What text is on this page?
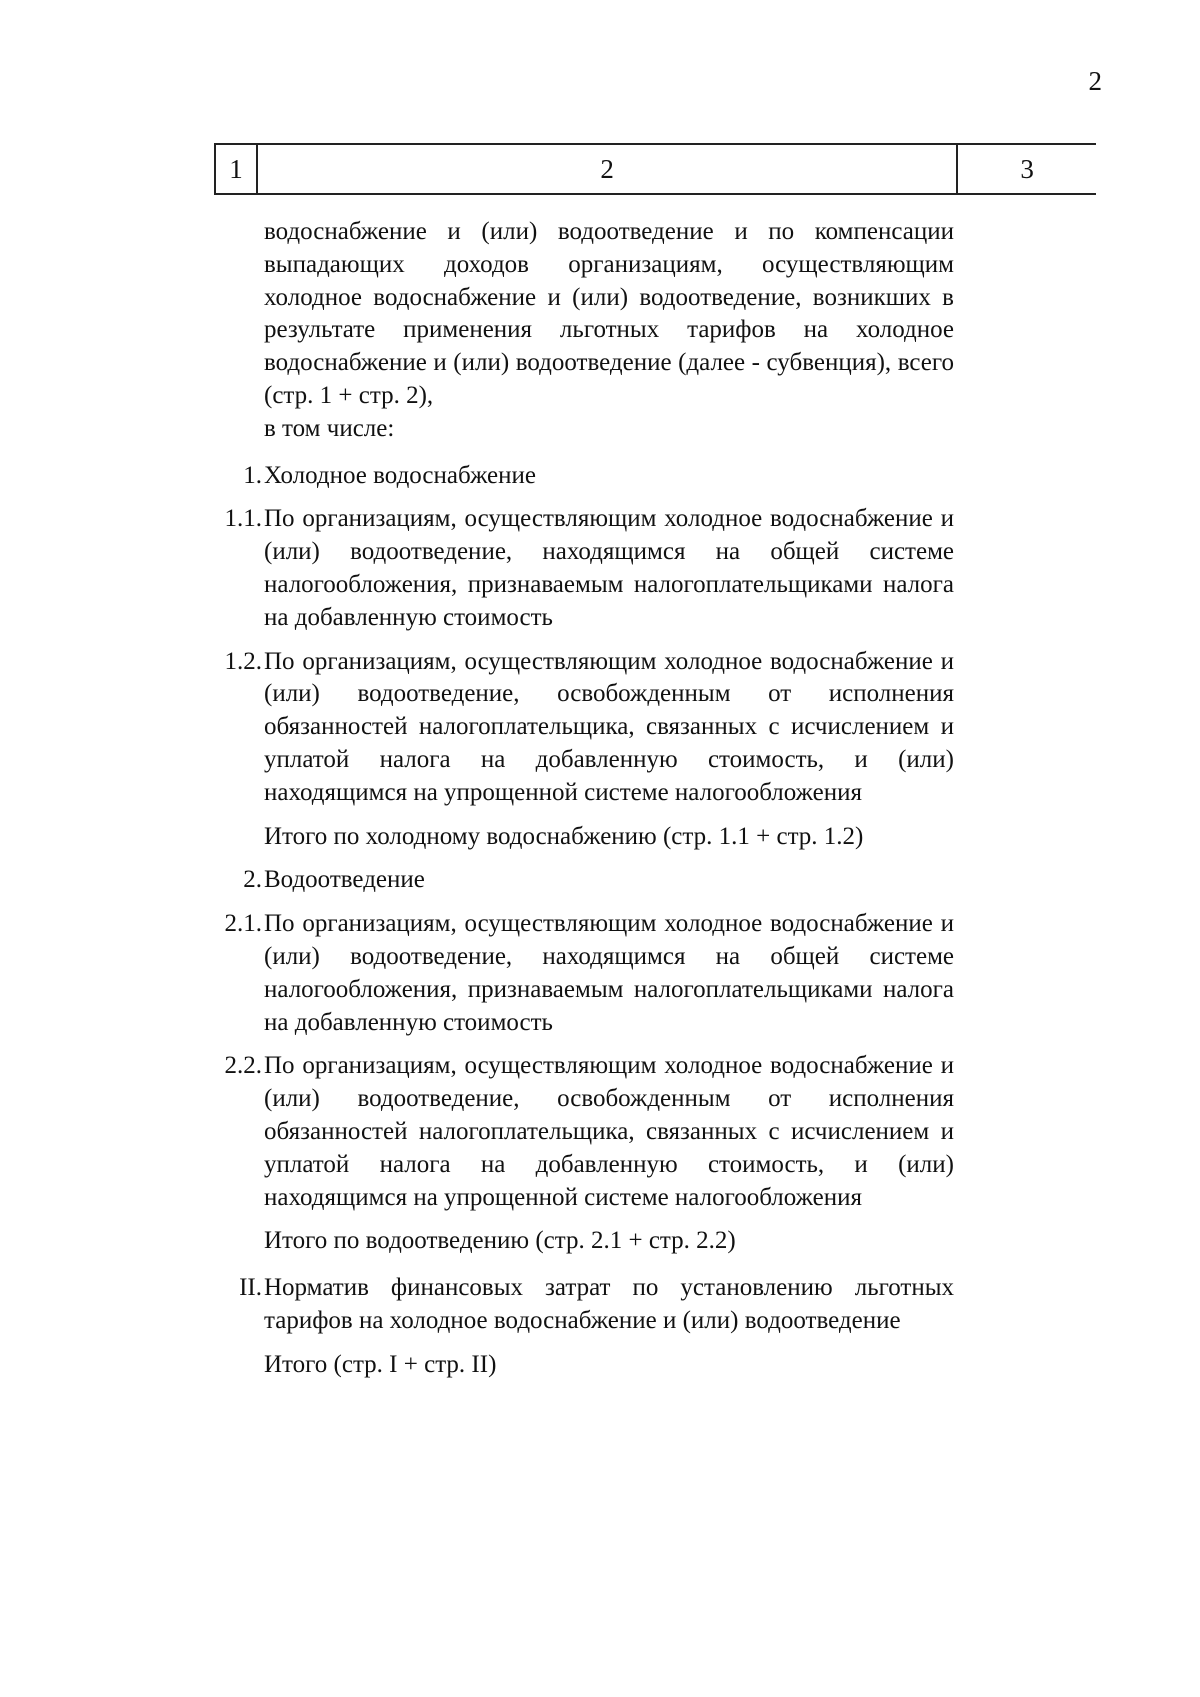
2
1	2	3
водоснабжение и (или) водоотведение и по компенсации выпадающих доходов организациям, осуществляющим холодное водоснабжение и (или) водоотведение, возникших в результате применения льготных тарифов на холодное водоснабжение и (или) водоотведение (далее - субвенция), всего (стр. 1 + стр. 2),
в том числе:
1. Холодное водоснабжение
1.1. По организациям, осуществляющим холодное водоснабжение и (или) водоотведение, находящимся на общей системе налогообложения, признаваемым налогоплательщиками налога на добавленную стоимость
1.2. По организациям, осуществляющим холодное водоснабжение и (или) водоотведение, освобожденным от исполнения обязанностей налогоплательщика, связанных с исчислением и уплатой налога на добавленную стоимость, и (или) находящимся на упрощенной системе налогообложения
Итого по холодному водоснабжению (стр. 1.1 + стр. 1.2)
2. Водоотведение
2.1. По организациям, осуществляющим холодное водоснабжение и (или) водоотведение, находящимся на общей системе налогообложения, признаваемым налогоплательщиками налога на добавленную стоимость
2.2. По организациям, осуществляющим холодное водоснабжение и (или) водоотведение, освобожденным от исполнения обязанностей налогоплательщика, связанных с исчислением и уплатой налога на добавленную стоимость, и (или) находящимся на упрощенной системе налогообложения
Итого по водоотведению (стр. 2.1 + стр. 2.2)
II. Норматив финансовых затрат по установлению льготных тарифов на холодное водоснабжение и (или) водоотведение
Итого (стр. I + стр. II)
